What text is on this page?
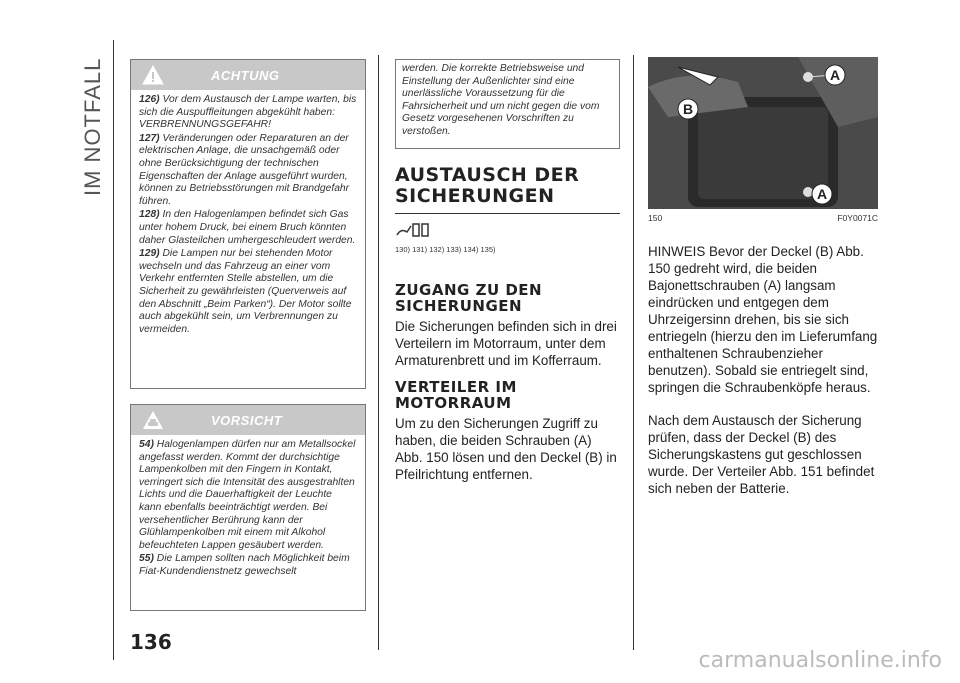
IM NOTFALL	ACHTUNG

126) Vor dem Austausch der Lampe warten, bis sich die Auspuffleitungen abgekühlt haben: VERBRENNUNGSGEFAHR!

127) Veränderungen oder Reparaturen an der elektrischen Anlage, die unsachgemäß oder ohne Berücksichtigung der technischen Eigenschaften der Anlage ausgeführt wurden, können zu Betriebsstörungen mit Brandgefahr führen.

128) In den Halogenlampen befindet sich Gas unter hohem Druck, bei einem Bruch könnten daher Glasteilchen umhergeschleudert werden.

129) Die Lampen nur bei stehenden Motor wechseln und das Fahrzeug an einer vom Verkehr entfernten Stelle abstellen, um die Sicherheit zu gewährleisten (Querverweis auf den Abschnitt „Beim Parken“). Der Motor sollte auch abgekühlt sein, um Verbrennungen zu vermeiden.

VORSICHT

54) Halogenlampen dürfen nur am Metallsockel angefasst werden. Kommt der durchsichtige Lampenkolben mit den Fingern in Kontakt, verringert sich die Intensität des ausgestrahlten Lichts und die Dauerhaftigkeit der Leuchte kann ebenfalls beeinträchtigt werden. Bei versehentlicher Berührung kann der Glühlampenkolben mit einem mit Alkohol befeuchteten Lappen gesäubert werden.

55) Die Lampen sollten nach Möglichkeit beim Fiat-Kundendienstnetz gewechselt

werden. Die korrekte Betriebsweise und Einstellung der Außenlichter sind eine unerlässliche Voraussetzung für die Fahrsicherheit und um nicht gegen die vom Gesetz vorgesehenen Vorschriften zu verstoßen.
AUSTAUSCH DER SICHERUNGEN
130) 131) 132) 133) 134) 135)
ZUGANG ZU DEN SICHERUNGEN
Die Sicherungen befinden sich in drei Verteilern im Motorraum, unter dem Armaturenbrett und im Kofferraum.
VERTEILER IM MOTORRAUM
Um zu den Sicherungen Zugriff zu haben, die beiden Schrauben (A) Abb. 150 lösen und den Deckel (B) in Pfeilrichtung entfernen.
A
B
A
150	F0Y0071C
HINWEIS Bevor der Deckel (B) Abb. 150 gedreht wird, die beiden Bajonettschrauben (A) langsam eindrücken und entgegen dem Uhrzeigersinn drehen, bis sie sich entriegeln (hierzu den im Lieferumfang enthaltenen Schraubenzieher benutzen). Sobald sie entriegelt sind, springen die Schraubenköpfe heraus.
Nach dem Austausch der Sicherung prüfen, dass der Deckel (B) des Sicherungskastens gut geschlossen wurde. Der Verteiler Abb. 151 befindet sich neben der Batterie.
136
carmanualsonline.info
